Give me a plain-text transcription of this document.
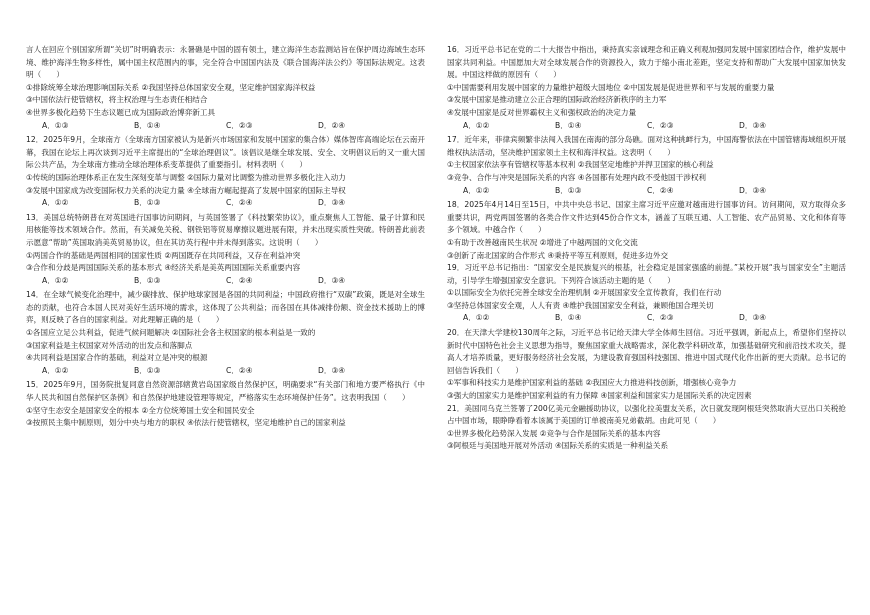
言人在回应个别国家所谓“关切”时明确表示：永暑礁是中国的固有领土，建立海洋生态监测站旨在保护周边海域生态环境、维护海洋生物多样性，属中国主权范围内的事，完全符合中国国内法及《联合国海洋法公约》等国际法规定。这表明（　　）

①排除统筹全球治理影响国际关系 ②我国坚持总体国家安全观，坚定维护国家海洋权益
③中国依法行使管辖权，将主权治理与生态责任相结合
④世界多极化趋势下生态议题已成为国际政治博弈新工具
A．①③	B．①④	C．②③	D．②④

12．2025年9月，全球南方（全球南方国家被认为是新兴市场国家和发展中国家的集合体）媒体智库高端论坛在云南开幕，我国在论坛上再次谈到习近平主席提出的“全球治理倡议”。该倡议是继全球发展、安全、文明倡议后的又一重大国际公共产品，为全球南方推动全球治理体系变革提供了重要指引。材料表明（　　）

①传统的国际治理体系正在发生深刻变革与调整 ②国际力量对比调整为推动世界多极化注入动力
③发展中国家成为改变国际权力关系的决定力量 ④全球南方崛起提高了发展中国家的国际主导权
A．①②	B．①③	C．②④	D．③④

13．美国总统特朗普在对英国进行国事访问期间，与英国签署了《科技繁荣协议》，重点聚焦人工智能、量子计算和民用核能等技术领域合作。然而，有关减免关税、钢铁铝等贸易摩擦议题进展有限，并未出现实质性突破。特朗普此前表示愿意“帮助”英国取消美英贸易协议，但在其访英行程中并未得到落实。这说明（　　）

①两国合作的基础是两国相同的国家性质 ②两国既存在共同利益，又存在利益冲突
③合作和分歧是两国国际关系的基本形式 ④经济关系是美英两国国际关系重要内容
A．①②	B．①③	C．②④	D．③④

14．在全球气候变化治理中，减少碳排放、保护地球家园是各国的共同利益；中国政府推行“双碳”政策，既是对全球生态的贡献，也符合本国人民对美好生活环境的需求，这体现了公共利益；而各国在具体减排份额、资金技术援助上的博弈，则反映了各自的国家利益。对此理解正确的是（　　）

①各国应立足公共利益，促进气候问题解决 ②国际社会各主权国家的根本利益是一致的
③国家利益是主权国家对外活动的出发点和落脚点
④共同利益是国家合作的基础，利益对立是冲突的根源
A．①②	B．①③	C．②④	D．③④

15．2025年9月，国务院批复同意自然资源部辖黄岩岛国家级自然保护区，明确要求“有关部门和地方要严格执行《中华人民共和国自然保护区条例》和自然保护地建设管理等规定，严格落实生态环境保护任务”。这表明我国（　　）

①坚守生态安全是国家安全的根本 ②全方位统筹国土安全和国民安全
③按照民主集中制原则，划分中央与地方的职权 ④依法行使管辖权，坚定地维护自己的国家利益

16．习近平总书记在党的二十大报告中指出，秉持真实亲诚理念和正确义利观加强同发展中国家团结合作，维护发展中国家共同利益。中国愿加大对全球发展合作的资源投入，致力于缩小南北差距，坚定支持和帮助广大发展中国家加快发展。中国这样做的原因有（　　）

①中国需要利用发展中国家的力量维护超级大国地位 ②中国发展是促进世界和平与发展的重要力量
③发展中国家是推动建立公正合理的国际政治经济新秩序的主力军
④发展中国家是反对世界霸权主义和强权政治的决定力量
A．①②	B．①④	C．②③	D．③④

17．近年来，菲律宾频繁非法闯入我国在南海的部分岛礁。面对这种挑衅行为，中国海警依法在中国管辖海域组织开展维权执法活动，坚决维护国家领土主权和海洋权益。这表明（　　）

①主权国家依法享有管辖权等基本权利 ②我国坚定地维护并捍卫国家的核心利益
③竞争、合作与冲突是国际关系的内容 ④各国都有处理内政不受他国干涉权利
A．①②	B．①③	C．②④	D．③④

18．2025年4月14日至15日，中共中央总书记、国家主席习近平应邀对越南进行国事访问。访问期间，双方取得众多重要共识，两党两国签署的各类合作文件达到45份合作文本，涵盖了互联互通、人工智能、农产品贸易、文化和体育等多个领域。中越合作（　　）

①有助于改善越南民生状况 ②增进了中越两国的文化交流
③创新了南北国家的合作形式 ④秉持平等互利原则，促进多边外交

19．习近平总书记指出：“国家安全是民族复兴的根基，社会稳定是国家强盛的前提。”某校开展“我与国家安全”主题活动，引导学生增强国家安全意识。下列符合该活动主题的是（　　）

①以国际安全为依托完善全球安全治理机制 ②开展国家安全宣传教育，我们在行动
③坚持总体国家安全观，人人有责 ④维护我国国家安全利益，兼顾他国合理关切
A．①②	B．①④	C．②③	D．③④

20．在天津大学建校130周年之际，习近平总书记给天津大学全体师生回信。习近平强调，新起点上，希望你们坚持以新时代中国特色社会主义思想为指导，聚焦国家重大战略需求，深化教学科研改革，加强基础研究和前沿技术攻关，提高人才培养质量，更好服务经济社会发展，为建设教育强国科技强国、推进中国式现代化作出新的更大贡献。总书记的回信告诉我们（　　）

①军事和科技实力是维护国家利益的基础 ②我国应大力推进科技创新，增强核心竞争力
③强大的国家实力是维护国家利益的有力保障 ④国家利益和国家实力是国际关系的决定因素

21．美国同乌克兰签署了200亿美元金融援助协议，以强化拉美盟友关系，次日就发现阿根廷突然取消大豆出口关税抢占中国市场，眼睁睁看着本该属于美国的订单被南美兄弟截胡。由此可见（　　）

①世界多极化趋势深入发展 ②竞争与合作是国际关系的基本内容
③阿根廷与美国地开展对外活动 ④国际关系的实质是一种利益关系
